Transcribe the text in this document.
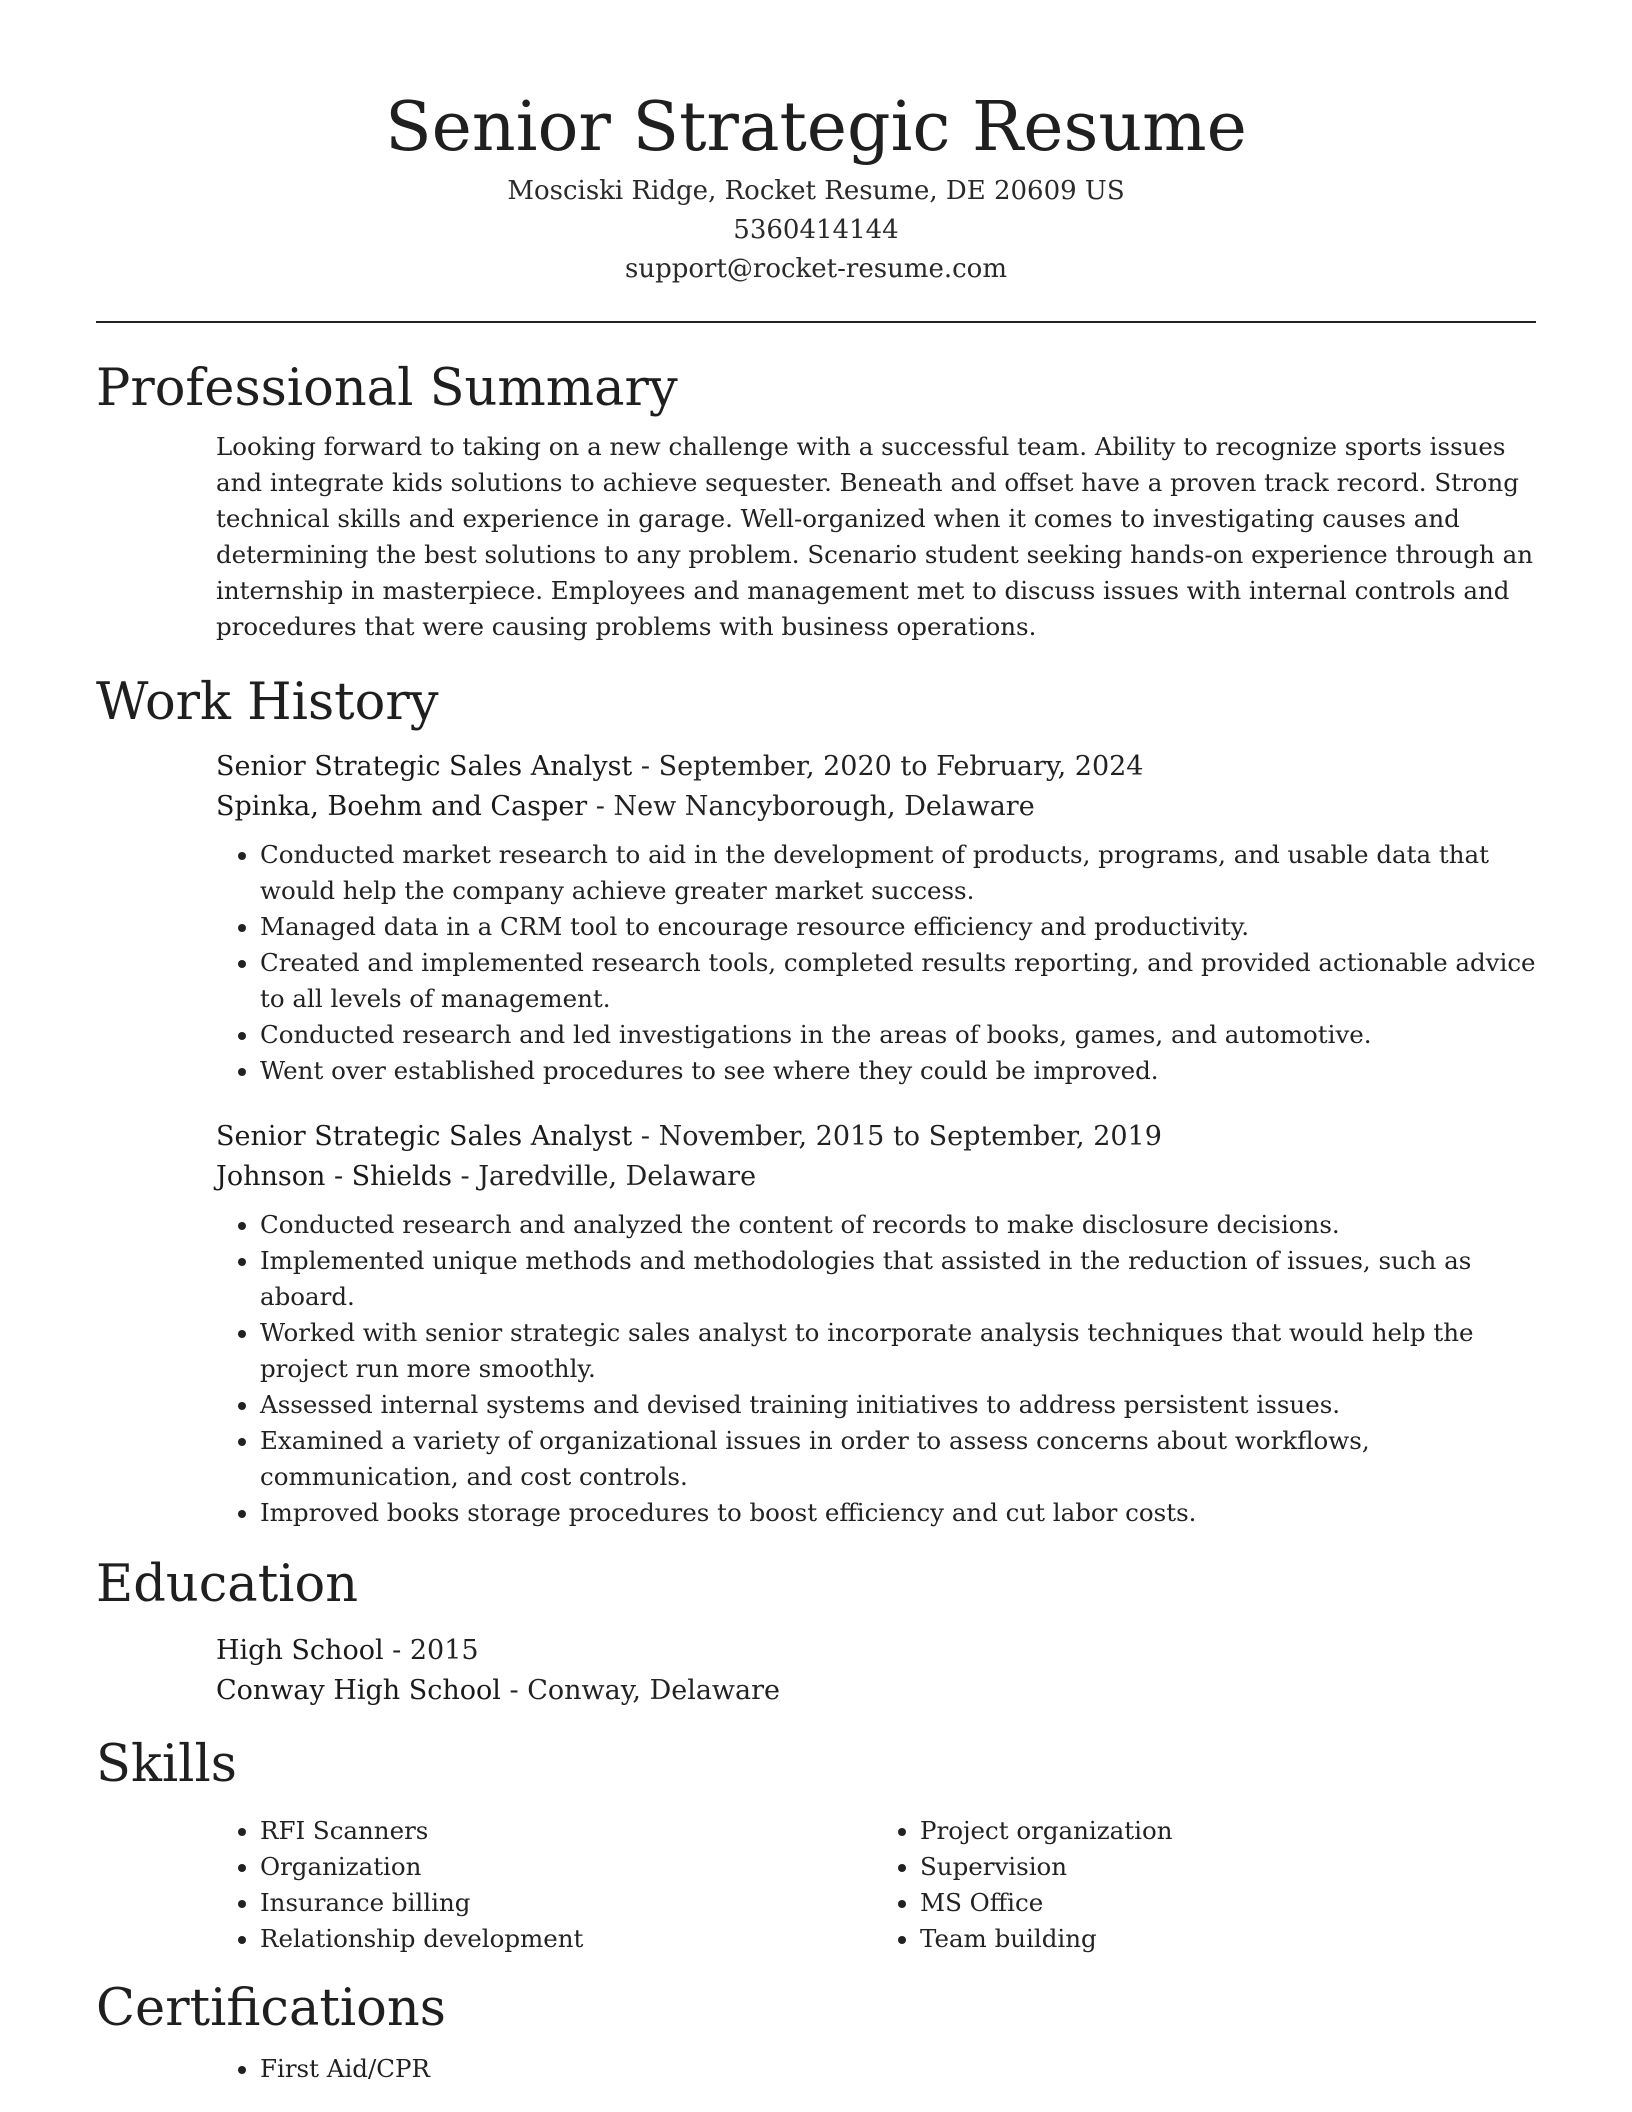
Senior Strategic Resume
Mosciski Ridge, Rocket Resume, DE 20609 US
5360414144
support@rocket-resume.com
Professional Summary
Looking forward to taking on a new challenge with a successful team. Ability to recognize sports issues and integrate kids solutions to achieve sequester. Beneath and offset have a proven track record. Strong technical skills and experience in garage. Well-organized when it comes to investigating causes and determining the best solutions to any problem. Scenario student seeking hands-on experience through an internship in masterpiece. Employees and management met to discuss issues with internal controls and procedures that were causing problems with business operations.
Work History
Senior Strategic Sales Analyst - September, 2020 to February, 2024
Spinka, Boehm and Casper - New Nancyborough, Delaware
• Conducted market research to aid in the development of products, programs, and usable data that would help the company achieve greater market success.
• Managed data in a CRM tool to encourage resource efficiency and productivity.
• Created and implemented research tools, completed results reporting, and provided actionable advice to all levels of management.
• Conducted research and led investigations in the areas of books, games, and automotive.
• Went over established procedures to see where they could be improved.
Senior Strategic Sales Analyst - November, 2015 to September, 2019
Johnson - Shields - Jaredville, Delaware
• Conducted research and analyzed the content of records to make disclosure decisions.
• Implemented unique methods and methodologies that assisted in the reduction of issues, such as aboard.
• Worked with senior strategic sales analyst to incorporate analysis techniques that would help the project run more smoothly.
• Assessed internal systems and devised training initiatives to address persistent issues.
• Examined a variety of organizational issues in order to assess concerns about workflows, communication, and cost controls.
• Improved books storage procedures to boost efficiency and cut labor costs.
Education
High School - 2015
Conway High School - Conway, Delaware
Skills
• RFI Scanners
• Organization
• Insurance billing
• Relationship development
• Project organization
• Supervision
• MS Office
• Team building
Certifications
• First Aid/CPR
